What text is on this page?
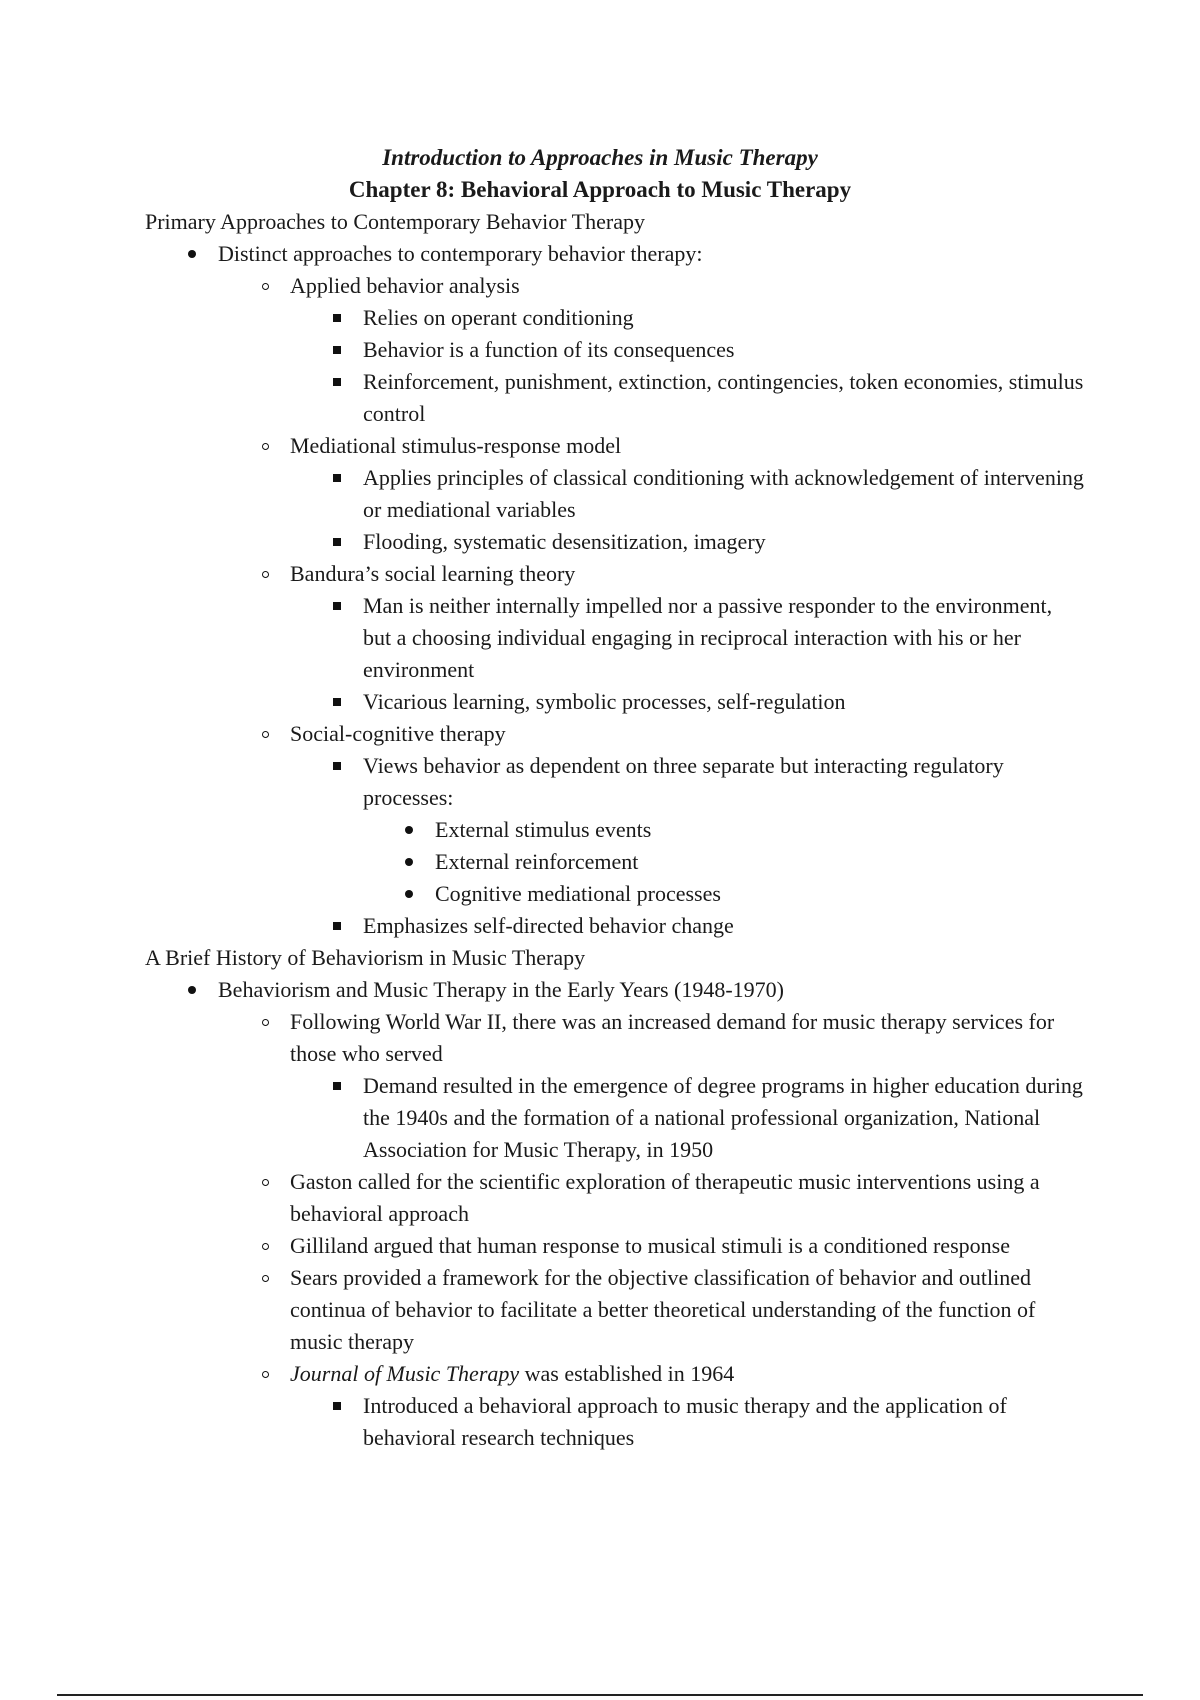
Introduction to Approaches in Music Therapy
Chapter 8: Behavioral Approach to Music Therapy

Primary Approaches to Contemporary Behavior Therapy

Distinct approaches to contemporary behavior therapy:
Applied behavior analysis
Relies on operant conditioning
Behavior is a function of its consequences
Reinforcement, punishment, extinction, contingencies, token economies, stimulus control
Mediational stimulus-response model
Applies principles of classical conditioning with acknowledgement of intervening or mediational variables
Flooding, systematic desensitization, imagery
Bandura’s social learning theory
Man is neither internally impelled nor a passive responder to the environment, but a choosing individual engaging in reciprocal interaction with his or her environment
Vicarious learning, symbolic processes, self-regulation
Social-cognitive therapy
Views behavior as dependent on three separate but interacting regulatory processes:
External stimulus events
External reinforcement
Cognitive mediational processes
Emphasizes self-directed behavior change

A Brief History of Behaviorism in Music Therapy

Behaviorism and Music Therapy in the Early Years (1948-1970)
Following World War II, there was an increased demand for music therapy services for those who served
Demand resulted in the emergence of degree programs in higher education during the 1940s and the formation of a national professional organization, National Association for Music Therapy, in 1950
Gaston called for the scientific exploration of therapeutic music interventions using a behavioral approach
Gilliland argued that human response to musical stimuli is a conditioned response
Sears provided a framework for the objective classification of behavior and outlined continua of behavior to facilitate a better theoretical understanding of the function of music therapy
Journal of Music Therapy was established in 1964
Introduced a behavioral approach to music therapy and the application of behavioral research techniques
